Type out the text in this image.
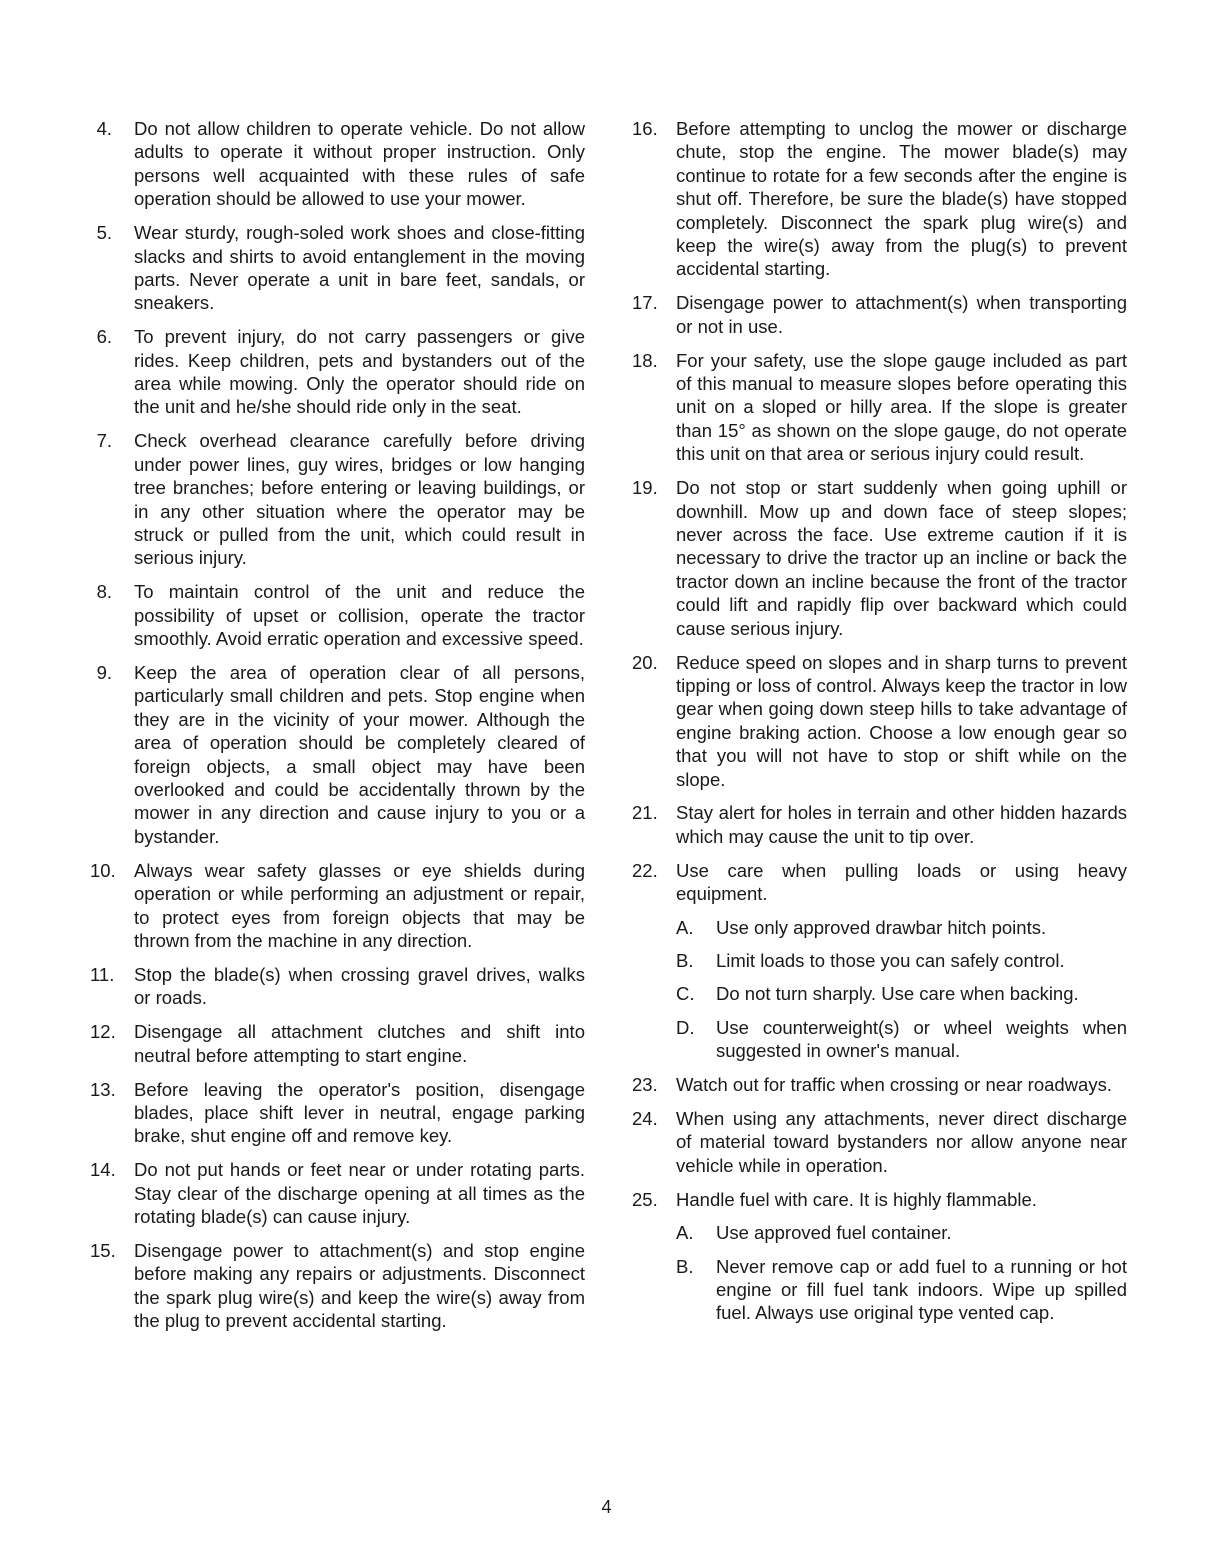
4. Do not allow children to operate vehicle. Do not allow adults to operate it without proper instruction. Only persons well acquainted with these rules of safe operation should be allowed to use your mower.
5. Wear sturdy, rough-soled work shoes and close-fitting slacks and shirts to avoid entanglement in the moving parts. Never operate a unit in bare feet, sandals, or sneakers.
6. To prevent injury, do not carry passengers or give rides. Keep children, pets and bystanders out of the area while mowing. Only the operator should ride on the unit and he/she should ride only in the seat.
7. Check overhead clearance carefully before driving under power lines, guy wires, bridges or low hanging tree branches; before entering or leaving buildings, or in any other situation where the operator may be struck or pulled from the unit, which could result in serious injury.
8. To maintain control of the unit and reduce the possibility of upset or collision, operate the tractor smoothly. Avoid erratic operation and excessive speed.
9. Keep the area of operation clear of all persons, particularly small children and pets. Stop engine when they are in the vicinity of your mower. Although the area of operation should be completely cleared of foreign objects, a small object may have been overlooked and could be accidentally thrown by the mower in any direction and cause injury to you or a bystander.
10. Always wear safety glasses or eye shields during operation or while performing an adjustment or repair, to protect eyes from foreign objects that may be thrown from the machine in any direction.
11. Stop the blade(s) when crossing gravel drives, walks or roads.
12. Disengage all attachment clutches and shift into neutral before attempting to start engine.
13. Before leaving the operator's position, disengage blades, place shift lever in neutral, engage parking brake, shut engine off and remove key.
14. Do not put hands or feet near or under rotating parts. Stay clear of the discharge opening at all times as the rotating blade(s) can cause injury.
15. Disengage power to attachment(s) and stop engine before making any repairs or adjustments. Disconnect the spark plug wire(s) and keep the wire(s) away from the plug to prevent accidental starting.
16. Before attempting to unclog the mower or discharge chute, stop the engine. The mower blade(s) may continue to rotate for a few seconds after the engine is shut off. Therefore, be sure the blade(s) have stopped completely. Disconnect the spark plug wire(s) and keep the wire(s) away from the plug(s) to prevent accidental starting.
17. Disengage power to attachment(s) when transporting or not in use.
18. For your safety, use the slope gauge included as part of this manual to measure slopes before operating this unit on a sloped or hilly area. If the slope is greater than 15° as shown on the slope gauge, do not operate this unit on that area or serious injury could result.
19. Do not stop or start suddenly when going uphill or downhill. Mow up and down face of steep slopes; never across the face. Use extreme caution if it is necessary to drive the tractor up an incline or back the tractor down an incline because the front of the tractor could lift and rapidly flip over backward which could cause serious injury.
20. Reduce speed on slopes and in sharp turns to prevent tipping or loss of control. Always keep the tractor in low gear when going down steep hills to take advantage of engine braking action. Choose a low enough gear so that you will not have to stop or shift while on the slope.
21. Stay alert for holes in terrain and other hidden hazards which may cause the unit to tip over.
22. Use care when pulling loads or using heavy equipment.
A. Use only approved drawbar hitch points.
B. Limit loads to those you can safely control.
C. Do not turn sharply. Use care when backing.
D. Use counterweight(s) or wheel weights when suggested in owner's manual.
23. Watch out for traffic when crossing or near roadways.
24. When using any attachments, never direct discharge of material toward bystanders nor allow anyone near vehicle while in operation.
25. Handle fuel with care. It is highly flammable.
A. Use approved fuel container.
B. Never remove cap or add fuel to a running or hot engine or fill fuel tank indoors. Wipe up spilled fuel. Always use original type vented cap.
4
